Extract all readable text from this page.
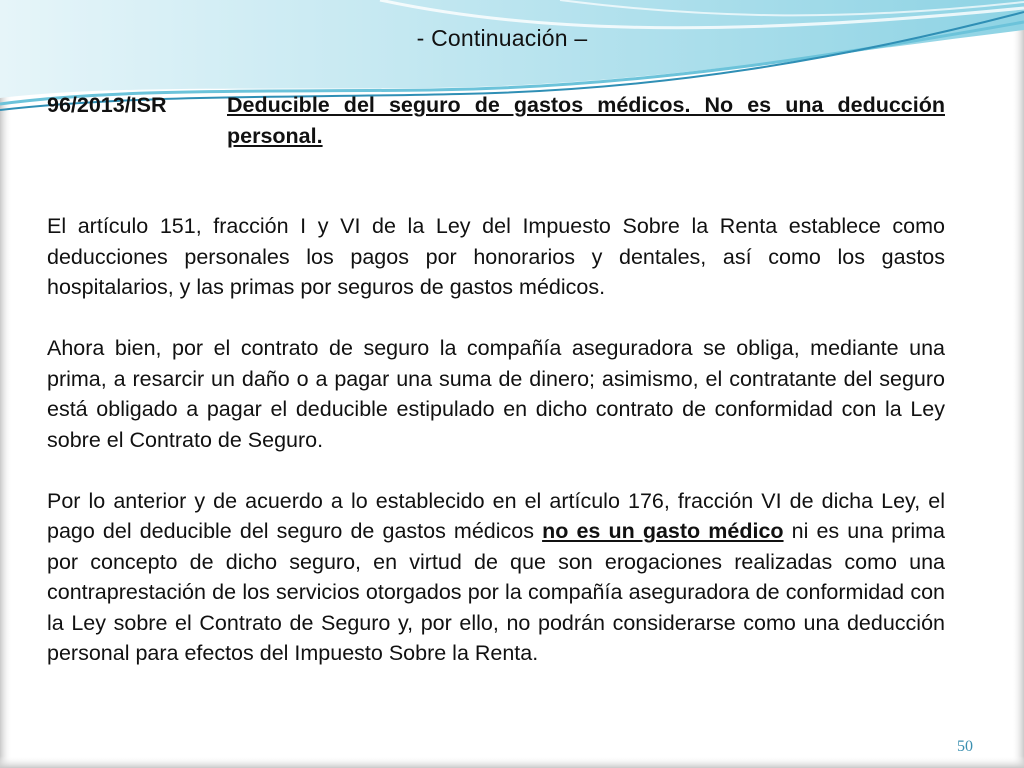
- Continuación –
96/2013/ISR	Deducible del seguro de gastos médicos. No es una deducción personal.

El artículo 151, fracción I y VI de la Ley del Impuesto Sobre la Renta establece como deducciones personales los pagos por honorarios y dentales, así como los gastos hospitalarios, y las primas por seguros de gastos médicos.

Ahora bien, por el contrato de seguro la compañía aseguradora se obliga, mediante una prima, a resarcir un daño o a pagar una suma de dinero; asimismo, el contratante del seguro está obligado a pagar el deducible estipulado en dicho contrato de conformidad con la Ley sobre el Contrato de Seguro.

Por lo anterior y de acuerdo a lo establecido en el artículo 176, fracción VI de dicha Ley, el pago del deducible del seguro de gastos médicos no es un gasto médico ni es una prima por concepto de dicho seguro, en virtud de que son erogaciones realizadas como una contraprestación de los servicios otorgados por la compañía aseguradora de conformidad con la Ley sobre el Contrato de Seguro y, por ello, no podrán considerarse como una deducción personal para efectos del Impuesto Sobre la Renta.

50
